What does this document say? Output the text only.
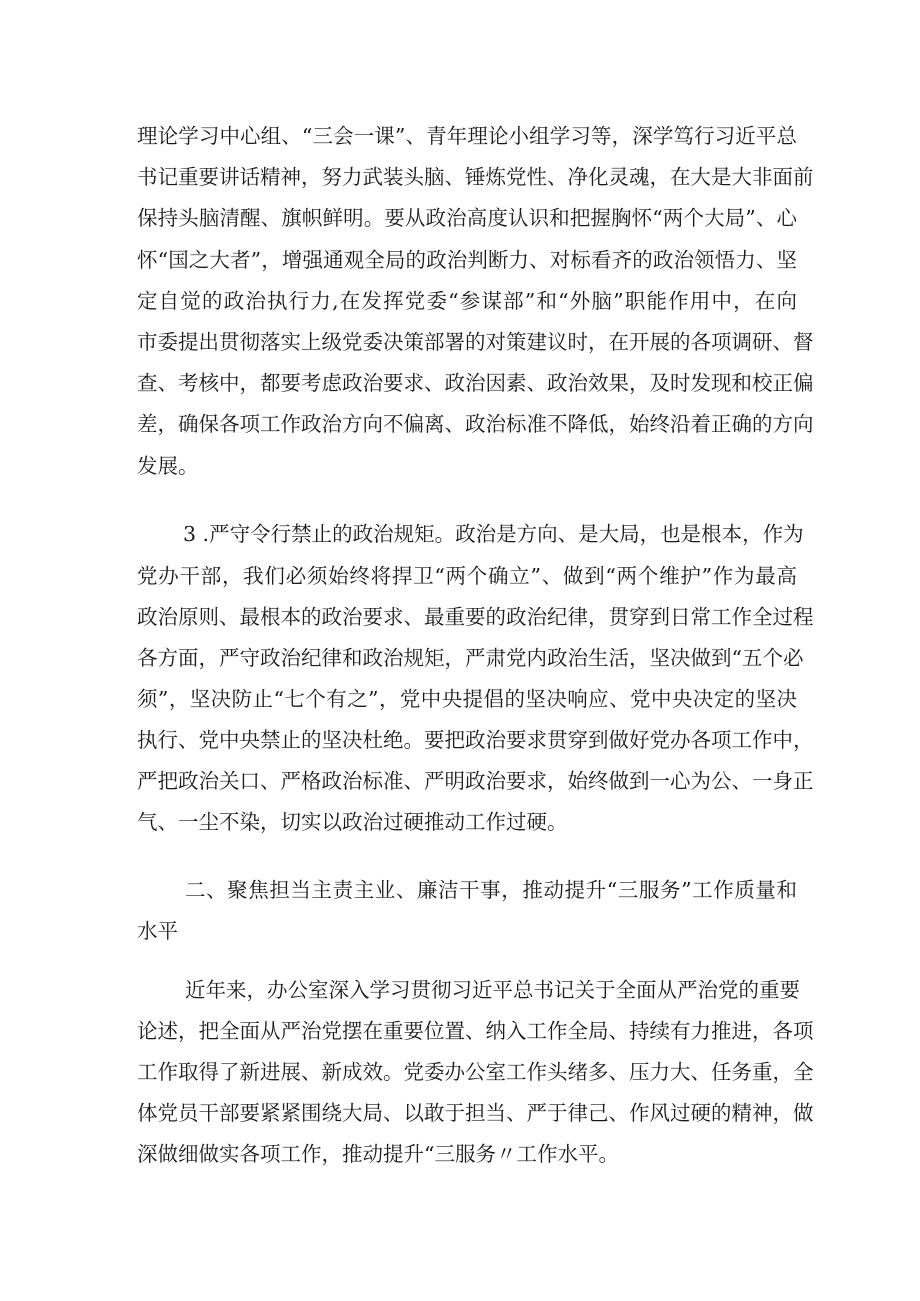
理论学习中心组、“三会一课”、青年理论小组学习等，深学笃行习近平总
书记重要讲话精神，努力武装头脑、锤炼党性、净化灵魂，在大是大非面前
保持头脑清醒、旗帜鲜明。要从政治高度认识和把握胸怀“两个大局”、心
怀“国之大者”，增强通观全局的政治判断力、对标看齐的政治领悟力、坚
定自觉的政治执行力,在发挥党委“参谋部”和“外脑”职能作用中，在向
市委提出贯彻落实上级党委决策部署的对策建议时，在开展的各项调研、督
查、考核中，都要考虑政治要求、政治因素、政治效果，及时发现和校正偏
差，确保各项工作政治方向不偏离、政治标准不降低，始终沿着正确的方向
发展。
3 .严守令行禁止的政治规矩。政治是方向、是大局，也是根本，作为
党办干部，我们必须始终将捍卫“两个确立”、做到“两个维护”作为最高
政治原则、最根本的政治要求、最重要的政治纪律，贯穿到日常工作全过程
各方面，严守政治纪律和政治规矩，严肃党内政治生活，坚决做到“五个必
须”，坚决防止“七个有之”，党中央提倡的坚决响应、党中央决定的坚决
执行、党中央禁止的坚决杜绝。要把政治要求贯穿到做好党办各项工作中，
严把政治关口、严格政治标准、严明政治要求，始终做到一心为公、一身正
气、一尘不染，切实以政治过硬推动工作过硬。
二、聚焦担当主责主业、廉洁干事，推动提升“三服务”工作质量和
水平
近年来，办公室深入学习贯彻习近平总书记关于全面从严治党的重要
论述，把全面从严治党摆在重要位置、纳入工作全局、持续有力推进，各项
工作取得了新进展、新成效。党委办公室工作头绪多、压力大、任务重，全
体党员干部要紧紧围绕大局、以敢于担当、严于律己、作风过硬的精神，做
深做细做实各项工作，推动提升“三服务〃工作水平。
